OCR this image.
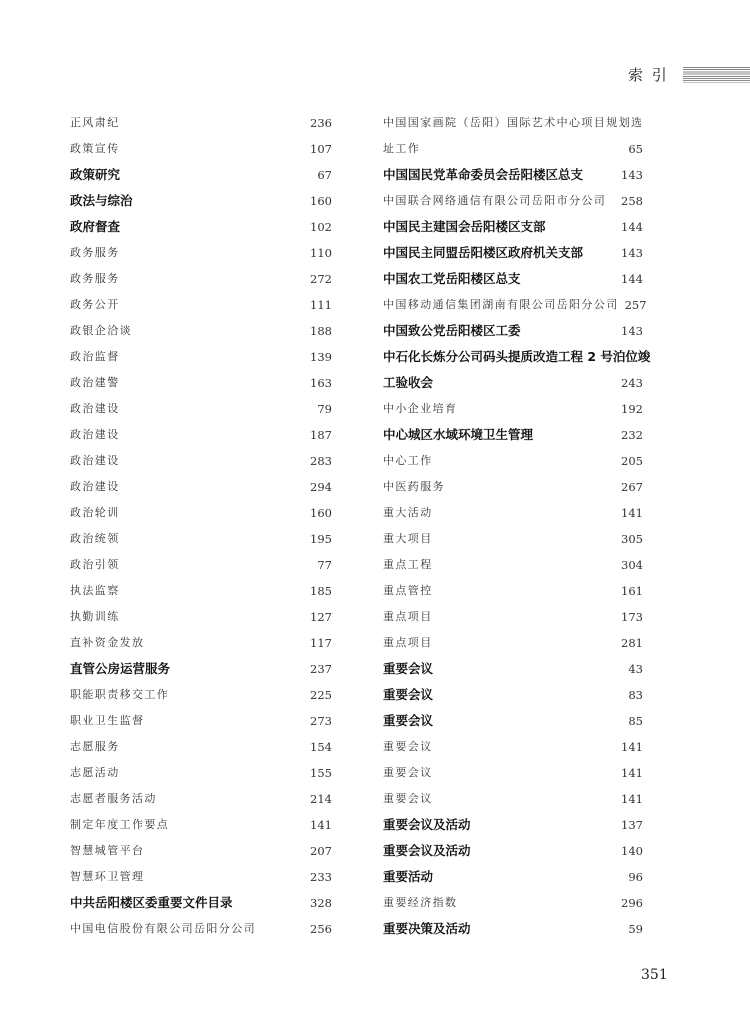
索 引
正风肃纪	236
政策宣传	107
政策研究	67
政法与综治	160
政府督查	102
政务服务	110
政务服务	272
政务公开	111
政银企洽谈	188
政治监督	139
政治建警	163
政治建设	79
政治建设	187
政治建设	283
政治建设	294
政治轮训	160
政治统领	195
政治引领	77
执法监察	185
执勤训练	127
直补资金发放	117
直管公房运营服务	237
职能职责移交工作	225
职业卫生监督	273
志愿服务	154
志愿活动	155
志愿者服务活动	214
制定年度工作要点	141
智慧城管平台	207
智慧环卫管理	233
中共岳阳楼区委重要文件目录	328
中国电信股份有限公司岳阳分公司	256
中国国家画院（岳阳）国际艺术中心项目规划选
址工作	65
中国国民党革命委员会岳阳楼区总支	143
中国联合网络通信有限公司岳阳市分公司 258
中国民主建国会岳阳楼区支部	144
中国民主同盟岳阳楼区政府机关支部	143
中国农工党岳阳楼区总支	144
中国移动通信集团湖南有限公司岳阳分公司 257
中国致公党岳阳楼区工委	143
中石化长炼分公司码头提质改造工程 2 号泊位竣
工验收会	243
中小企业培育	192
中心城区水域环境卫生管理	232
中心工作	205
中医药服务	267
重大活动	141
重大项目	305
重点工程	304
重点管控	161
重点项目	173
重点项目	281
重要会议	43
重要会议	83
重要会议	85
重要会议	141
重要会议	141
重要会议	141
重要会议及活动	137
重要会议及活动	140
重要活动	96
重要经济指数	296
重要决策及活动	59
351
